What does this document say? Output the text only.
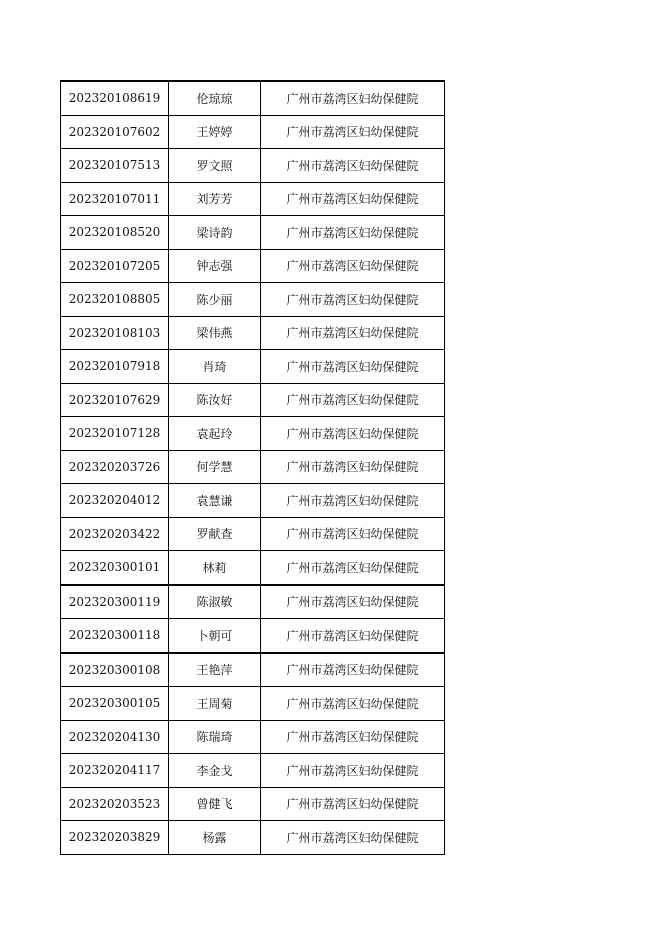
202320108619	伦琼琼	广州市荔湾区妇幼保健院
202320107602	王婷婷	广州市荔湾区妇幼保健院
202320107513	罗文照	广州市荔湾区妇幼保健院
202320107011	刘芳芳	广州市荔湾区妇幼保健院
202320108520	梁诗韵	广州市荔湾区妇幼保健院
202320107205	钟志强	广州市荔湾区妇幼保健院
202320108805	陈少丽	广州市荔湾区妇幼保健院
202320108103	梁伟燕	广州市荔湾区妇幼保健院
202320107918	肖琦	广州市荔湾区妇幼保健院
202320107629	陈汝好	广州市荔湾区妇幼保健院
202320107128	袁起玲	广州市荔湾区妇幼保健院
202320203726	何学慧	广州市荔湾区妇幼保健院
202320204012	袁慧谦	广州市荔湾区妇幼保健院
202320203422	罗献查	广州市荔湾区妇幼保健院
202320300101	林莉	广州市荔湾区妇幼保健院
202320300119	陈淑敏	广州市荔湾区妇幼保健院
202320300118	卜朝可	广州市荔湾区妇幼保健院
202320300108	王艳萍	广州市荔湾区妇幼保健院
202320300105	王周菊	广州市荔湾区妇幼保健院
202320204130	陈瑞琦	广州市荔湾区妇幼保健院
202320204117	李金戈	广州市荔湾区妇幼保健院
202320203523	曾健飞	广州市荔湾区妇幼保健院
202320203829	杨露	广州市荔湾区妇幼保健院
